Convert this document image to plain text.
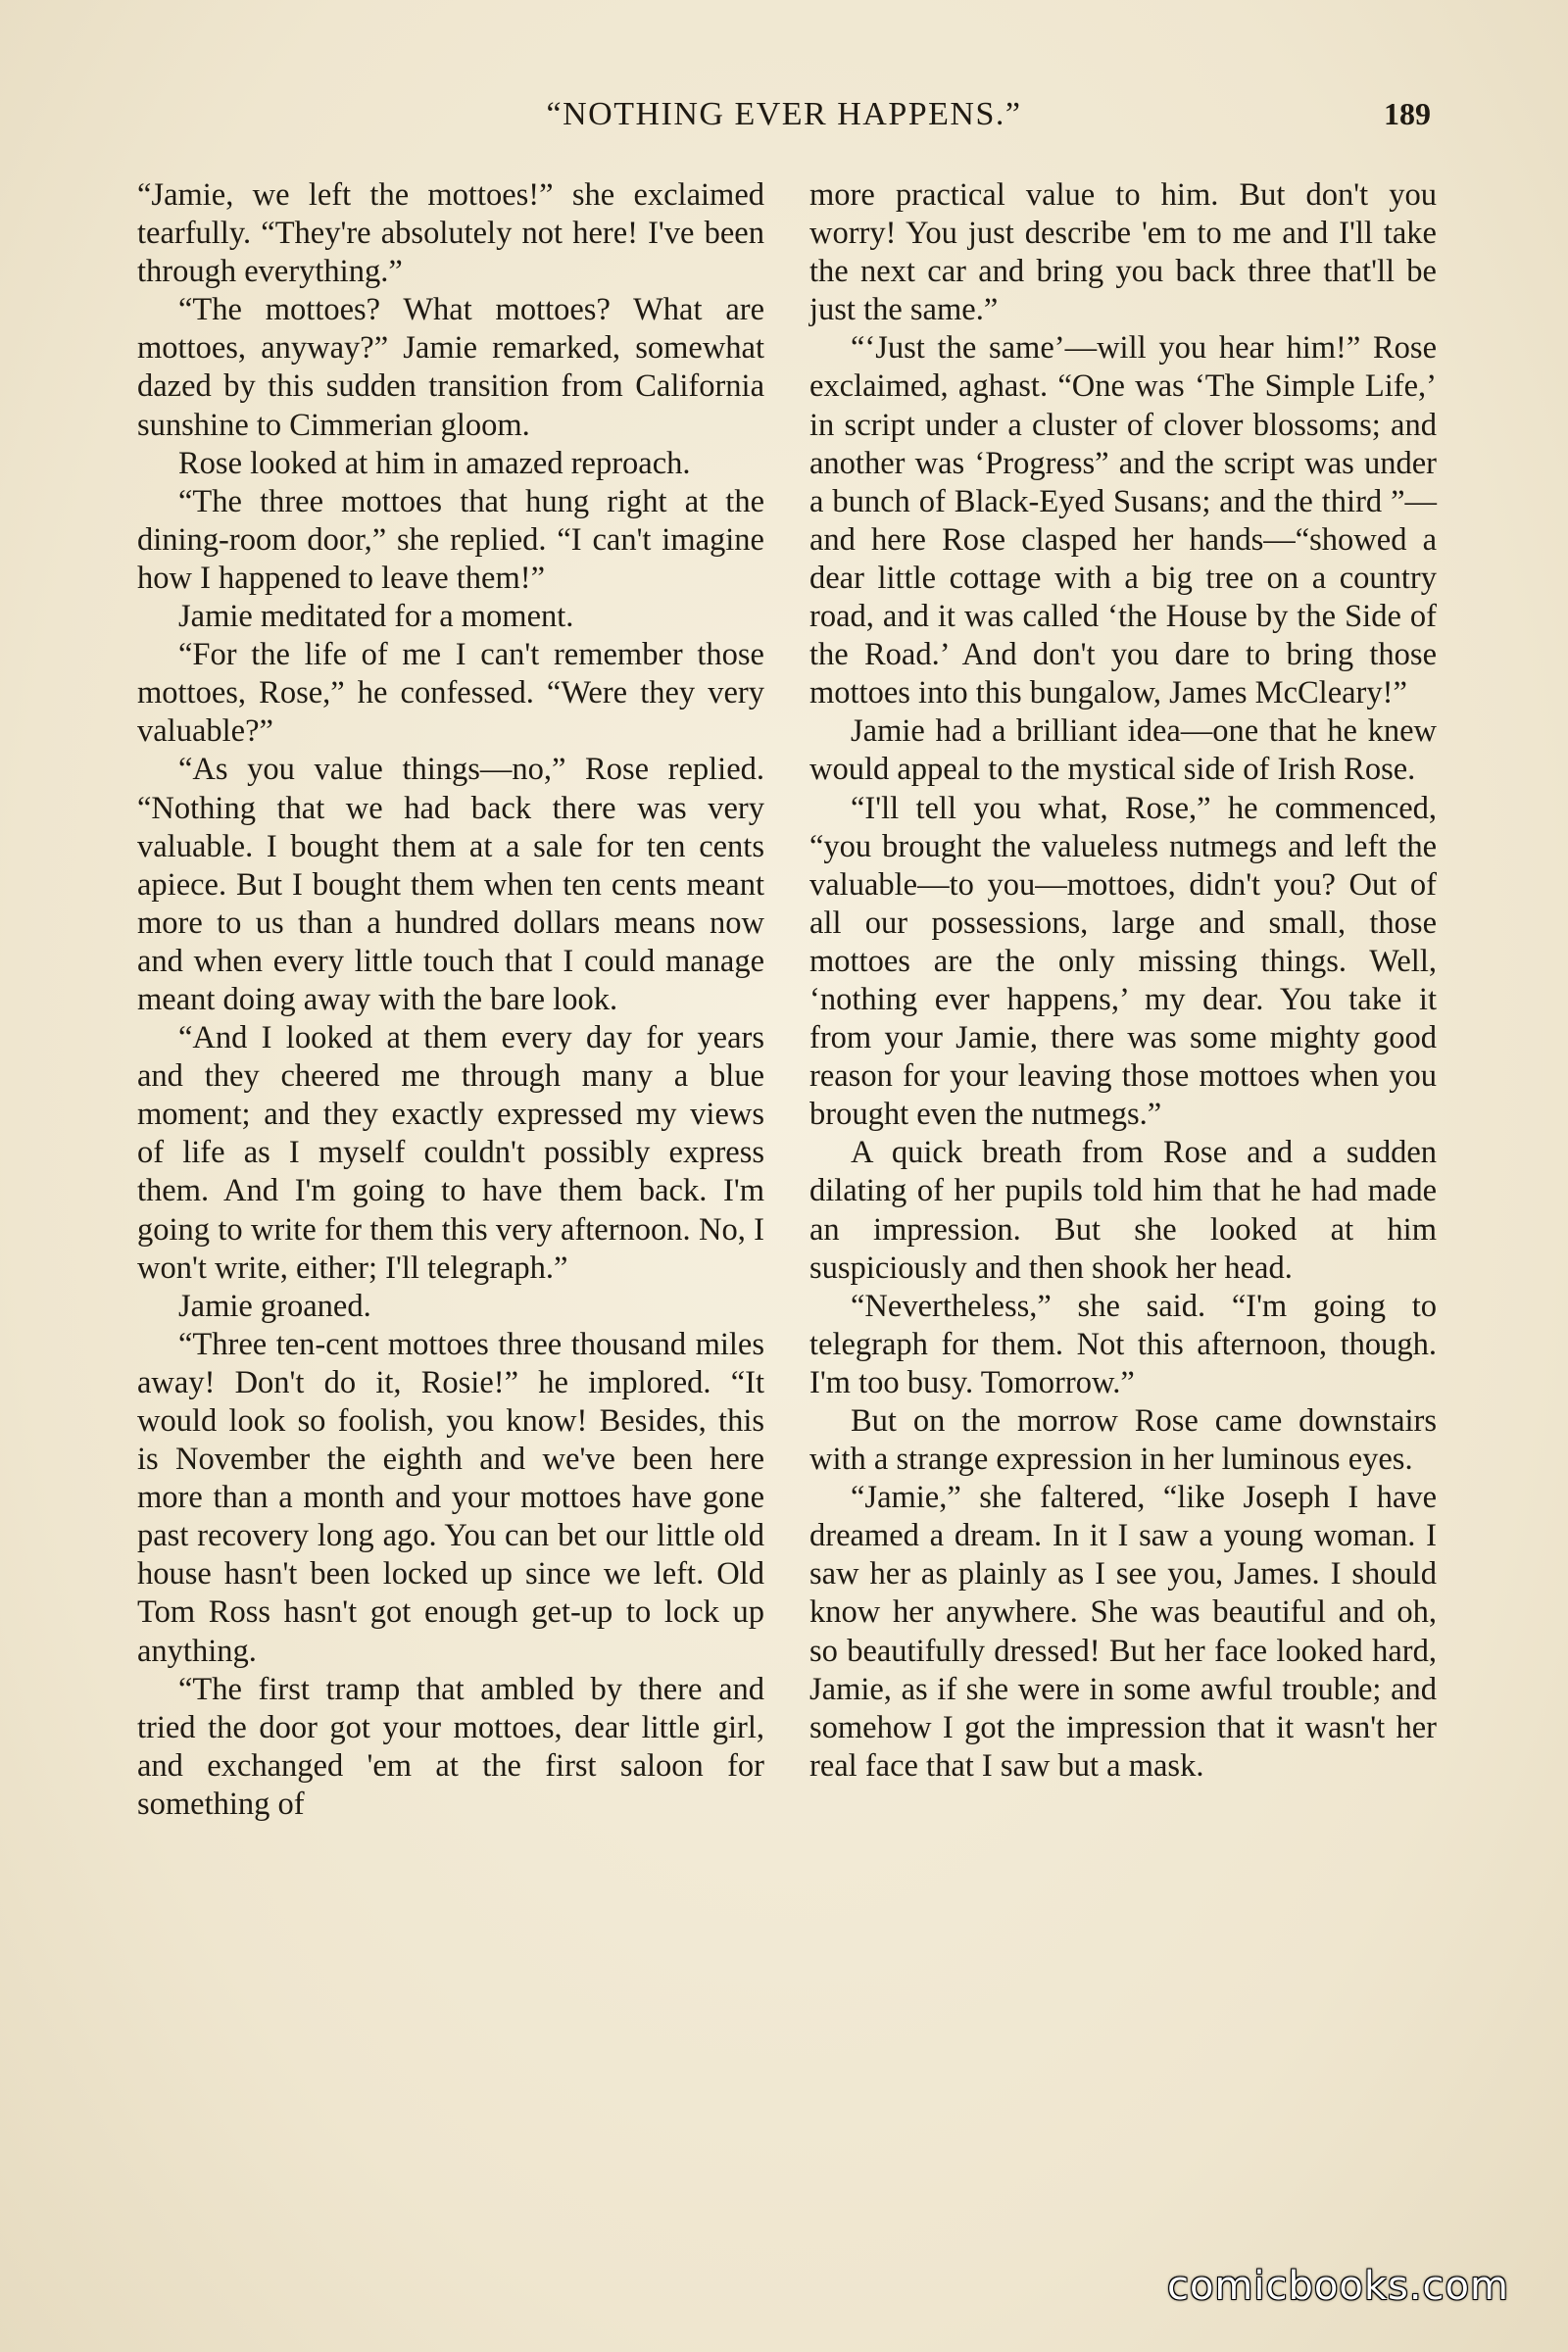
“NOTHING EVER HAPPENS.”	189

“Jamie, we left the mottoes!” she exclaimed tearfully. “They're absolutely not here! I've been through everything.”

“The mottoes? What mottoes? What are mottoes, anyway?” Jamie remarked, somewhat dazed by this sudden transition from California sunshine to Cimmerian gloom.

Rose looked at him in amazed reproach.

“The three mottoes that hung right at the dining-room door,” she replied. “I can't imagine how I happened to leave them!”

Jamie meditated for a moment.

“For the life of me I can't remember those mottoes, Rose,” he confessed. “Were they very valuable?”

“As you value things—no,” Rose replied. “Nothing that we had back there was very valuable. I bought them at a sale for ten cents apiece. But I bought them when ten cents meant more to us than a hundred dollars means now and when every little touch that I could manage meant doing away with the bare look.

“And I looked at them every day for years and they cheered me through many a blue moment; and they exactly expressed my views of life as I myself couldn't possibly express them. And I'm going to have them back. I'm going to write for them this very afternoon. No, I won't write, either; I'll telegraph.”

Jamie groaned.

“Three ten-cent mottoes three thousand miles away! Don't do it, Rosie!” he implored. “It would look so foolish, you know! Besides, this is November the eighth and we've been here more than a month and your mottoes have gone past recovery long ago. You can bet our little old house hasn't been locked up since we left. Old Tom Ross hasn't got enough get-up to lock up anything.

“The first tramp that ambled by there and tried the door got your mottoes, dear little girl, and exchanged 'em at the first saloon for something of

more practical value to him. But don't you worry! You just describe 'em to me and I'll take the next car and bring you back three that'll be just the same.”

“‘Just the same’—will you hear him!” Rose exclaimed, aghast. “One was ‘The Simple Life,’ in script under a cluster of clover blossoms; and another was ‘Progress” and the script was under a bunch of Black-Eyed Susans; and the third ”—and here Rose clasped her hands—“showed a dear little cottage with a big tree on a country road, and it was called ‘the House by the Side of the Road.’ And don't you dare to bring those mottoes into this bungalow, James McCleary!”

Jamie had a brilliant idea—one that he knew would appeal to the mystical side of Irish Rose.

“I'll tell you what, Rose,” he commenced, “you brought the valueless nutmegs and left the valuable—to you—mottoes, didn't you? Out of all our possessions, large and small, those mottoes are the only missing things. Well, ‘nothing ever happens,’ my dear. You take it from your Jamie, there was some mighty good reason for your leaving those mottoes when you brought even the nutmegs.”

A quick breath from Rose and a sudden dilating of her pupils told him that he had made an impression. But she looked at him suspiciously and then shook her head.

“Nevertheless,” she said. “I'm going to telegraph for them. Not this afternoon, though. I'm too busy. Tomorrow.”

But on the morrow Rose came downstairs with a strange expression in her luminous eyes.

“Jamie,” she faltered, “like Joseph I have dreamed a dream. In it I saw a young woman. I saw her as plainly as I see you, James. I should know her anywhere. She was beautiful and oh, so beautifully dressed! But her face looked hard, Jamie, as if she were in some awful trouble; and somehow I got the impression that it wasn't her real face that I saw but a mask.

comicbooks.com
